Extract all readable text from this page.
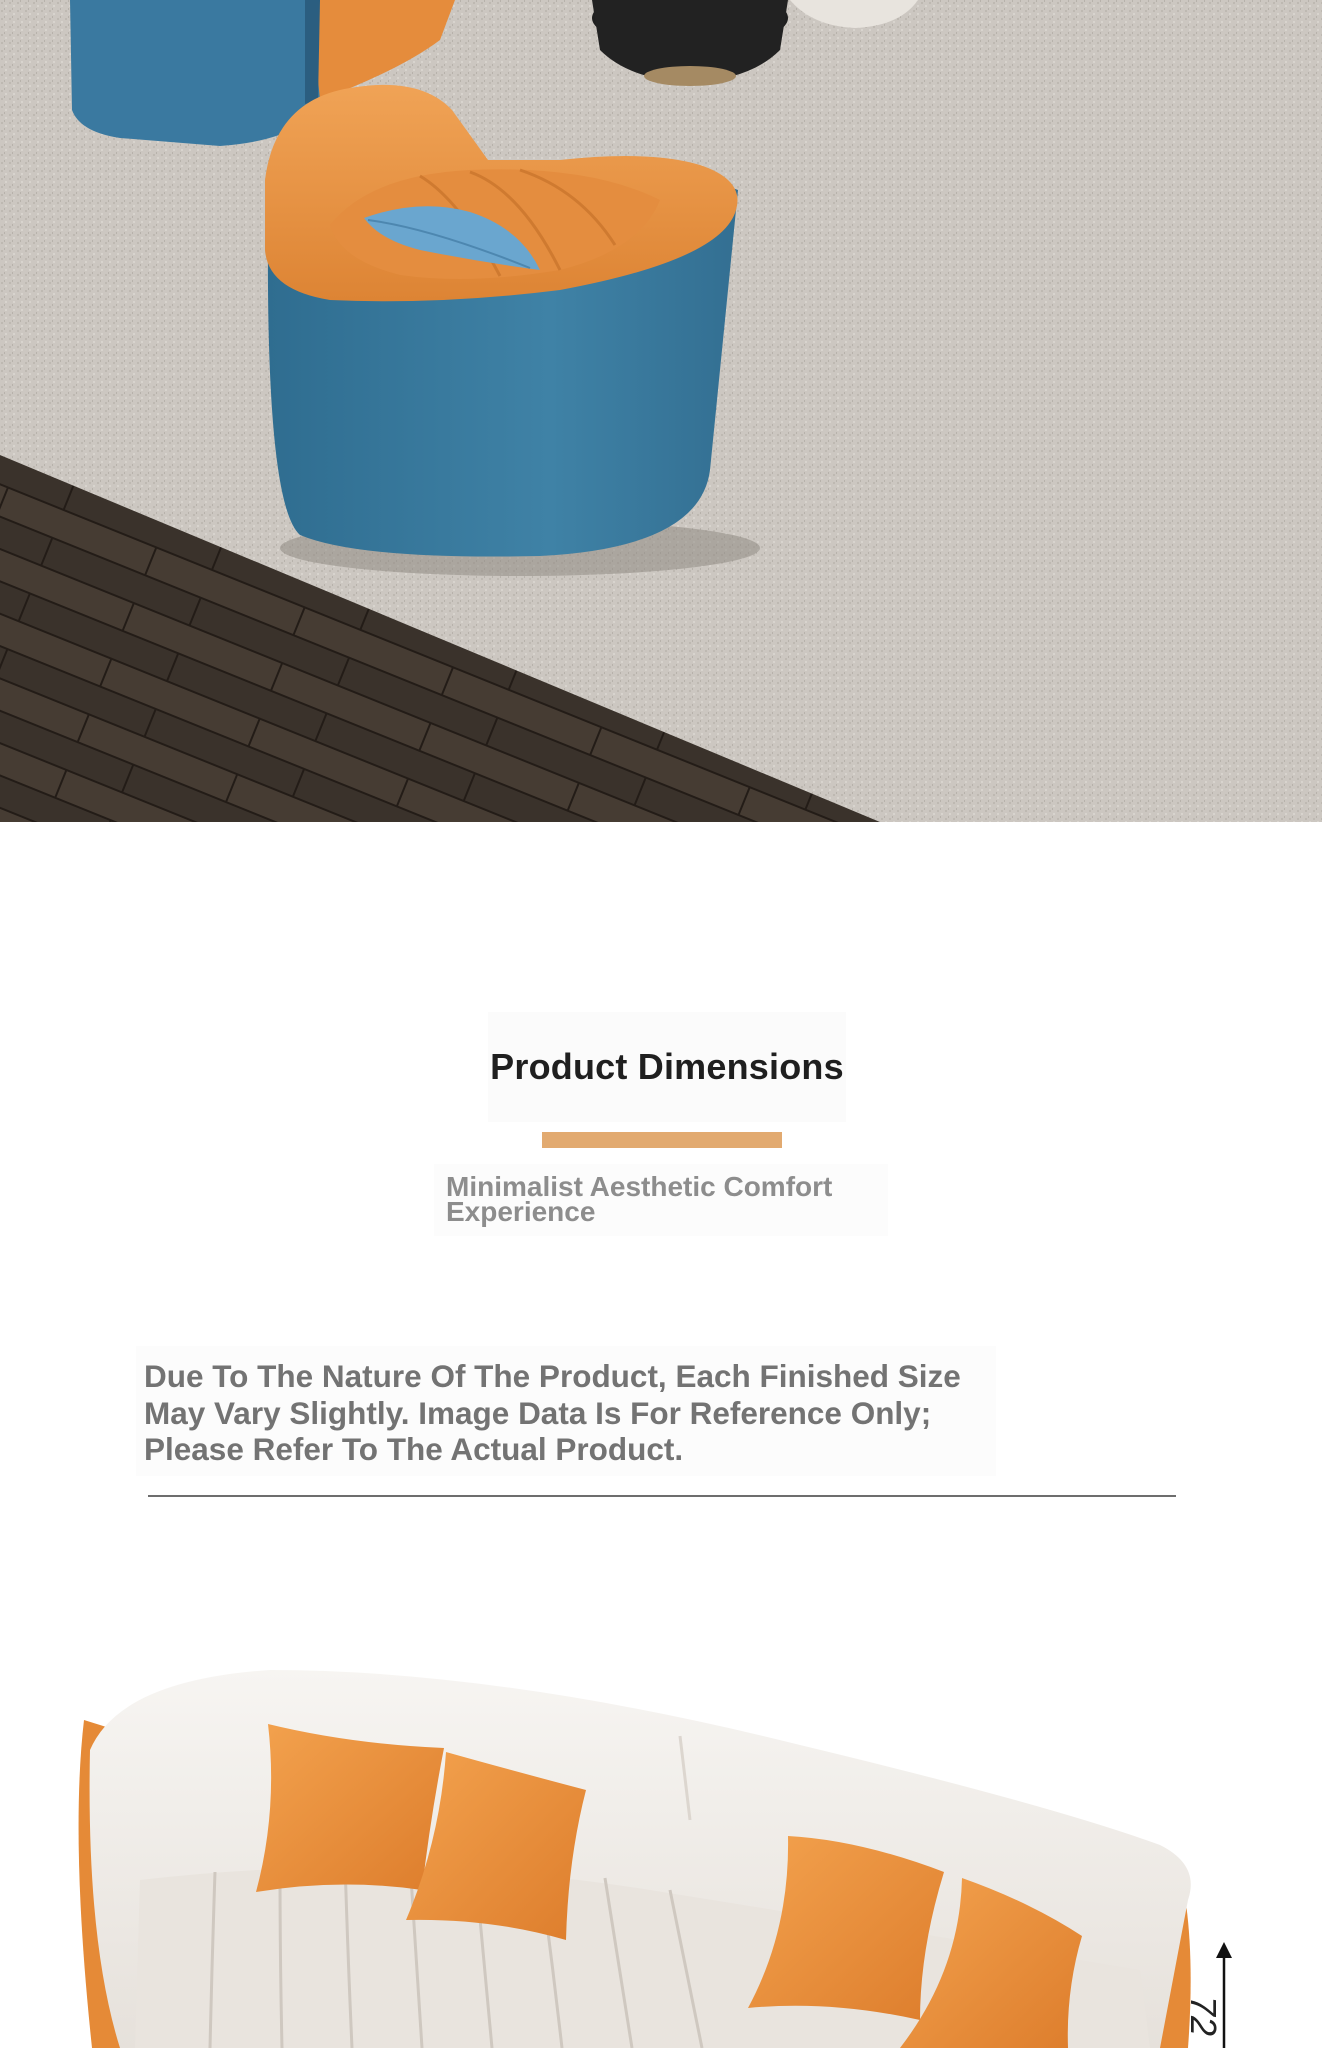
Product Dimensions

Minimalist Aesthetic Comfort Experience

Due To The Nature Of The Product, Each Finished Size May Vary Slightly. Image Data Is For Reference Only; Please Refer To The Actual Product.

72
